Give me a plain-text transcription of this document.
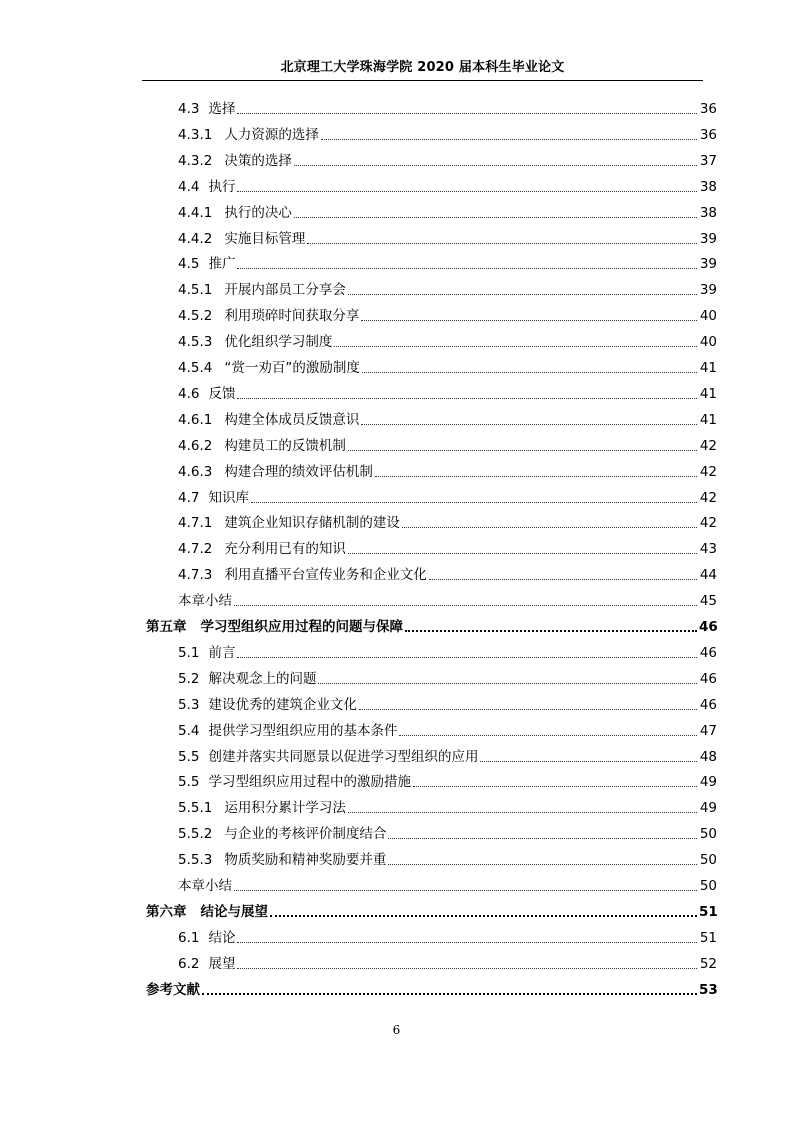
北京理工大学珠海学院 2020 届本科生毕业论文
4.3 选择	36
4.3.1 人力资源的选择	36
4.3.2 决策的选择	37
4.4 执行	38
4.4.1 执行的决心	38
4.4.2 实施目标管理	39
4.5 推广	39
4.5.1 开展内部员工分享会	39
4.5.2 利用琐碎时间获取分享	40
4.5.3 优化组织学习制度	40
4.5.4 “赏一劝百”的激励制度	41
4.6 反馈	41
4.6.1 构建全体成员反馈意识	41
4.6.2 构建员工的反馈机制	42
4.6.3 构建合理的绩效评估机制	42
4.7 知识库	42
4.7.1 建筑企业知识存储机制的建设	42
4.7.2 充分利用已有的知识	43
4.7.3 利用直播平台宣传业务和企业文化	44
本章小结	45
第五章 学习型组织应用过程的问题与保障	46
5.1 前言	46
5.2 解决观念上的问题	46
5.3 建设优秀的建筑企业文化	46
5.4 提供学习型组织应用的基本条件	47
5.5 创建并落实共同愿景以促进学习型组织的应用	48
5.5 学习型组织应用过程中的激励措施	49
5.5.1 运用积分累计学习法	49
5.5.2 与企业的考核评价制度结合	50
5.5.3 物质奖励和精神奖励要并重	50
本章小结	50
第六章 结论与展望	51
6.1 结论	51
6.2 展望	52
参考文献	53
6
